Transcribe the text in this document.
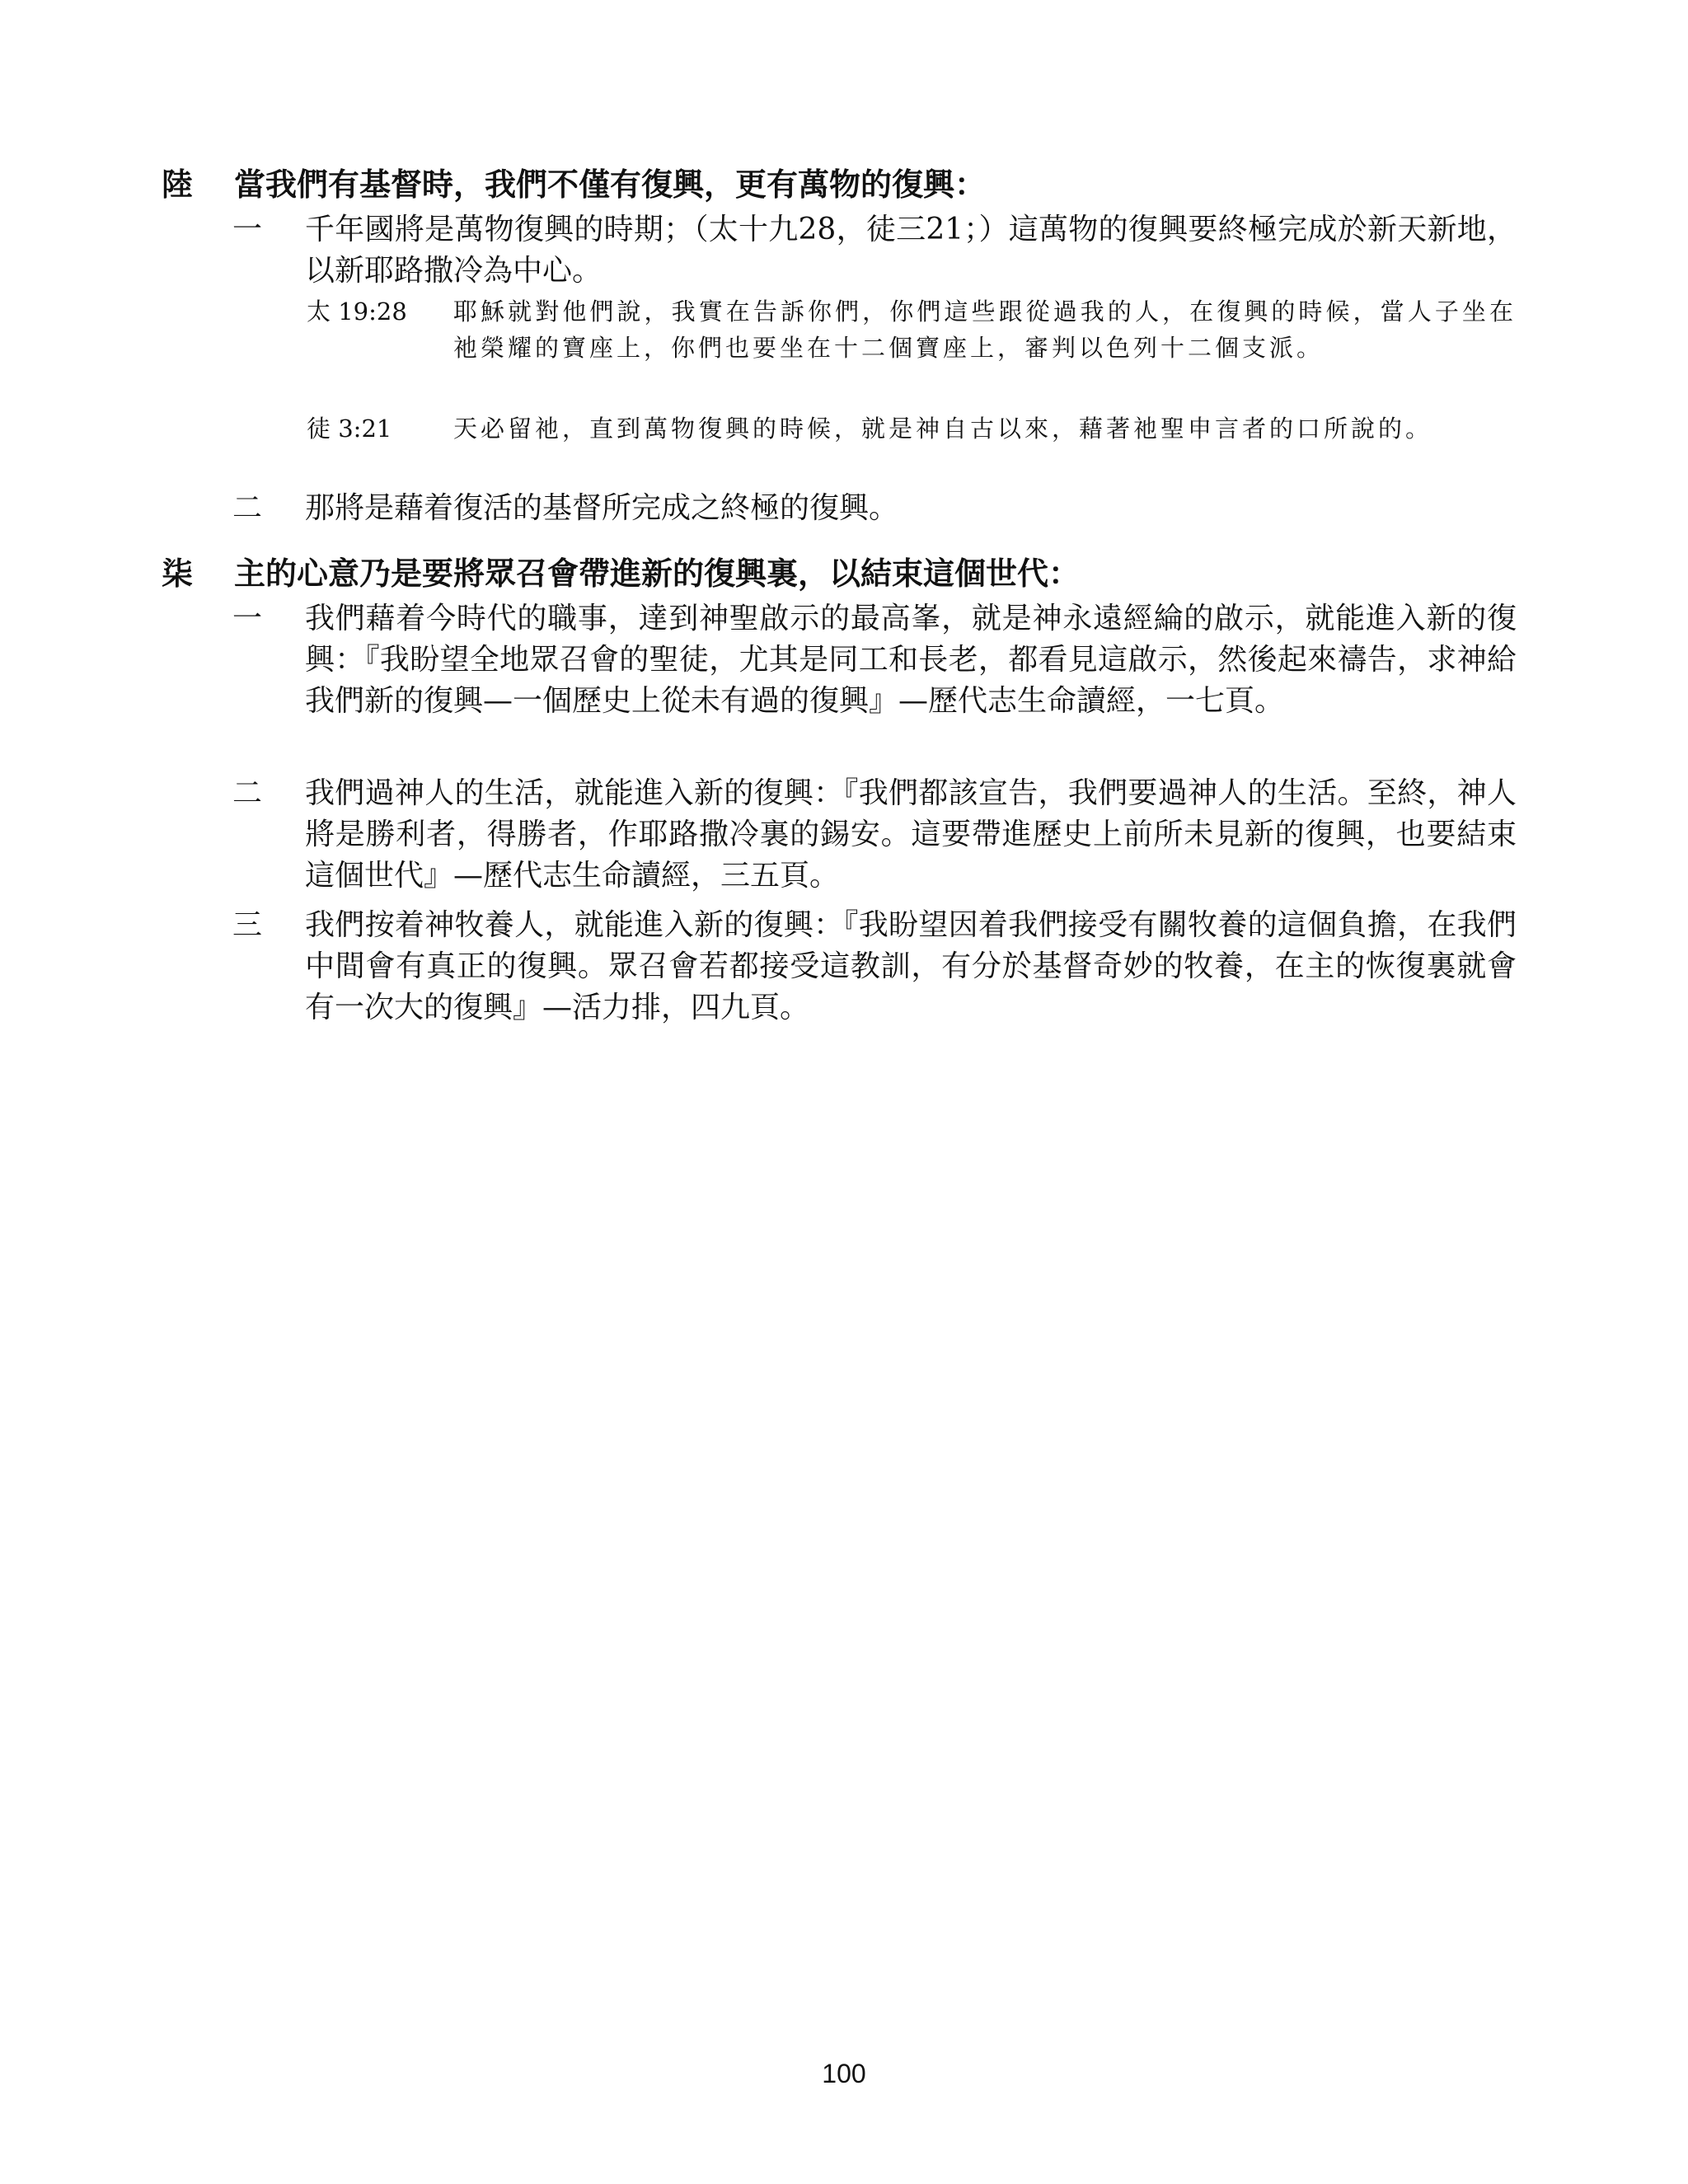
陸 當我們有基督時，我們不僅有復興，更有萬物的復興：
一 千年國將是萬物復興的時期；（太十九28，徒三21；）這萬物的復興要終極完成於新天新地，以新耶路撒冷為中心。
太 19:28 耶穌就對他們說，我實在告訴你們，你們這些跟從過我的人，在復興的時候，當人子坐在祂榮耀的寶座上，你們也要坐在十二個寶座上，審判以色列十二個支派。
徒 3:21	天必留祂，直到萬物復興的時候，就是神自古以來，藉著祂聖申言者的口所說的。
二 那將是藉着復活的基督所完成之終極的復興。
柒 主的心意乃是要將眾召會帶進新的復興裏，以結束這個世代：
一 我們藉着今時代的職事，達到神聖啟示的最高峯，就是神永遠經綸的啟示，就能進入新的復興：『我盼望全地眾召會的聖徒，尤其是同工和長老，都看見這啟示，然後起來禱告，求神給我們新的復興—一個歷史上從未有過的復興』—歷代志生命讀經，一七頁。
二 我們過神人的生活，就能進入新的復興：『我們都該宣告，我們要過神人的生活。至終，神人將是勝利者，得勝者，作耶路撒冷裏的錫安。這要帶進歷史上前所未見新的復興，也要結束這個世代』—歷代志生命讀經，三五頁。
三 我們按着神牧養人，就能進入新的復興：『我盼望因着我們接受有關牧養的這個負擔，在我們中間會有真正的復興。眾召會若都接受這教訓，有分於基督奇妙的牧養，在主的恢復裏就會有一次大的復興』—活力排，四九頁。
100
